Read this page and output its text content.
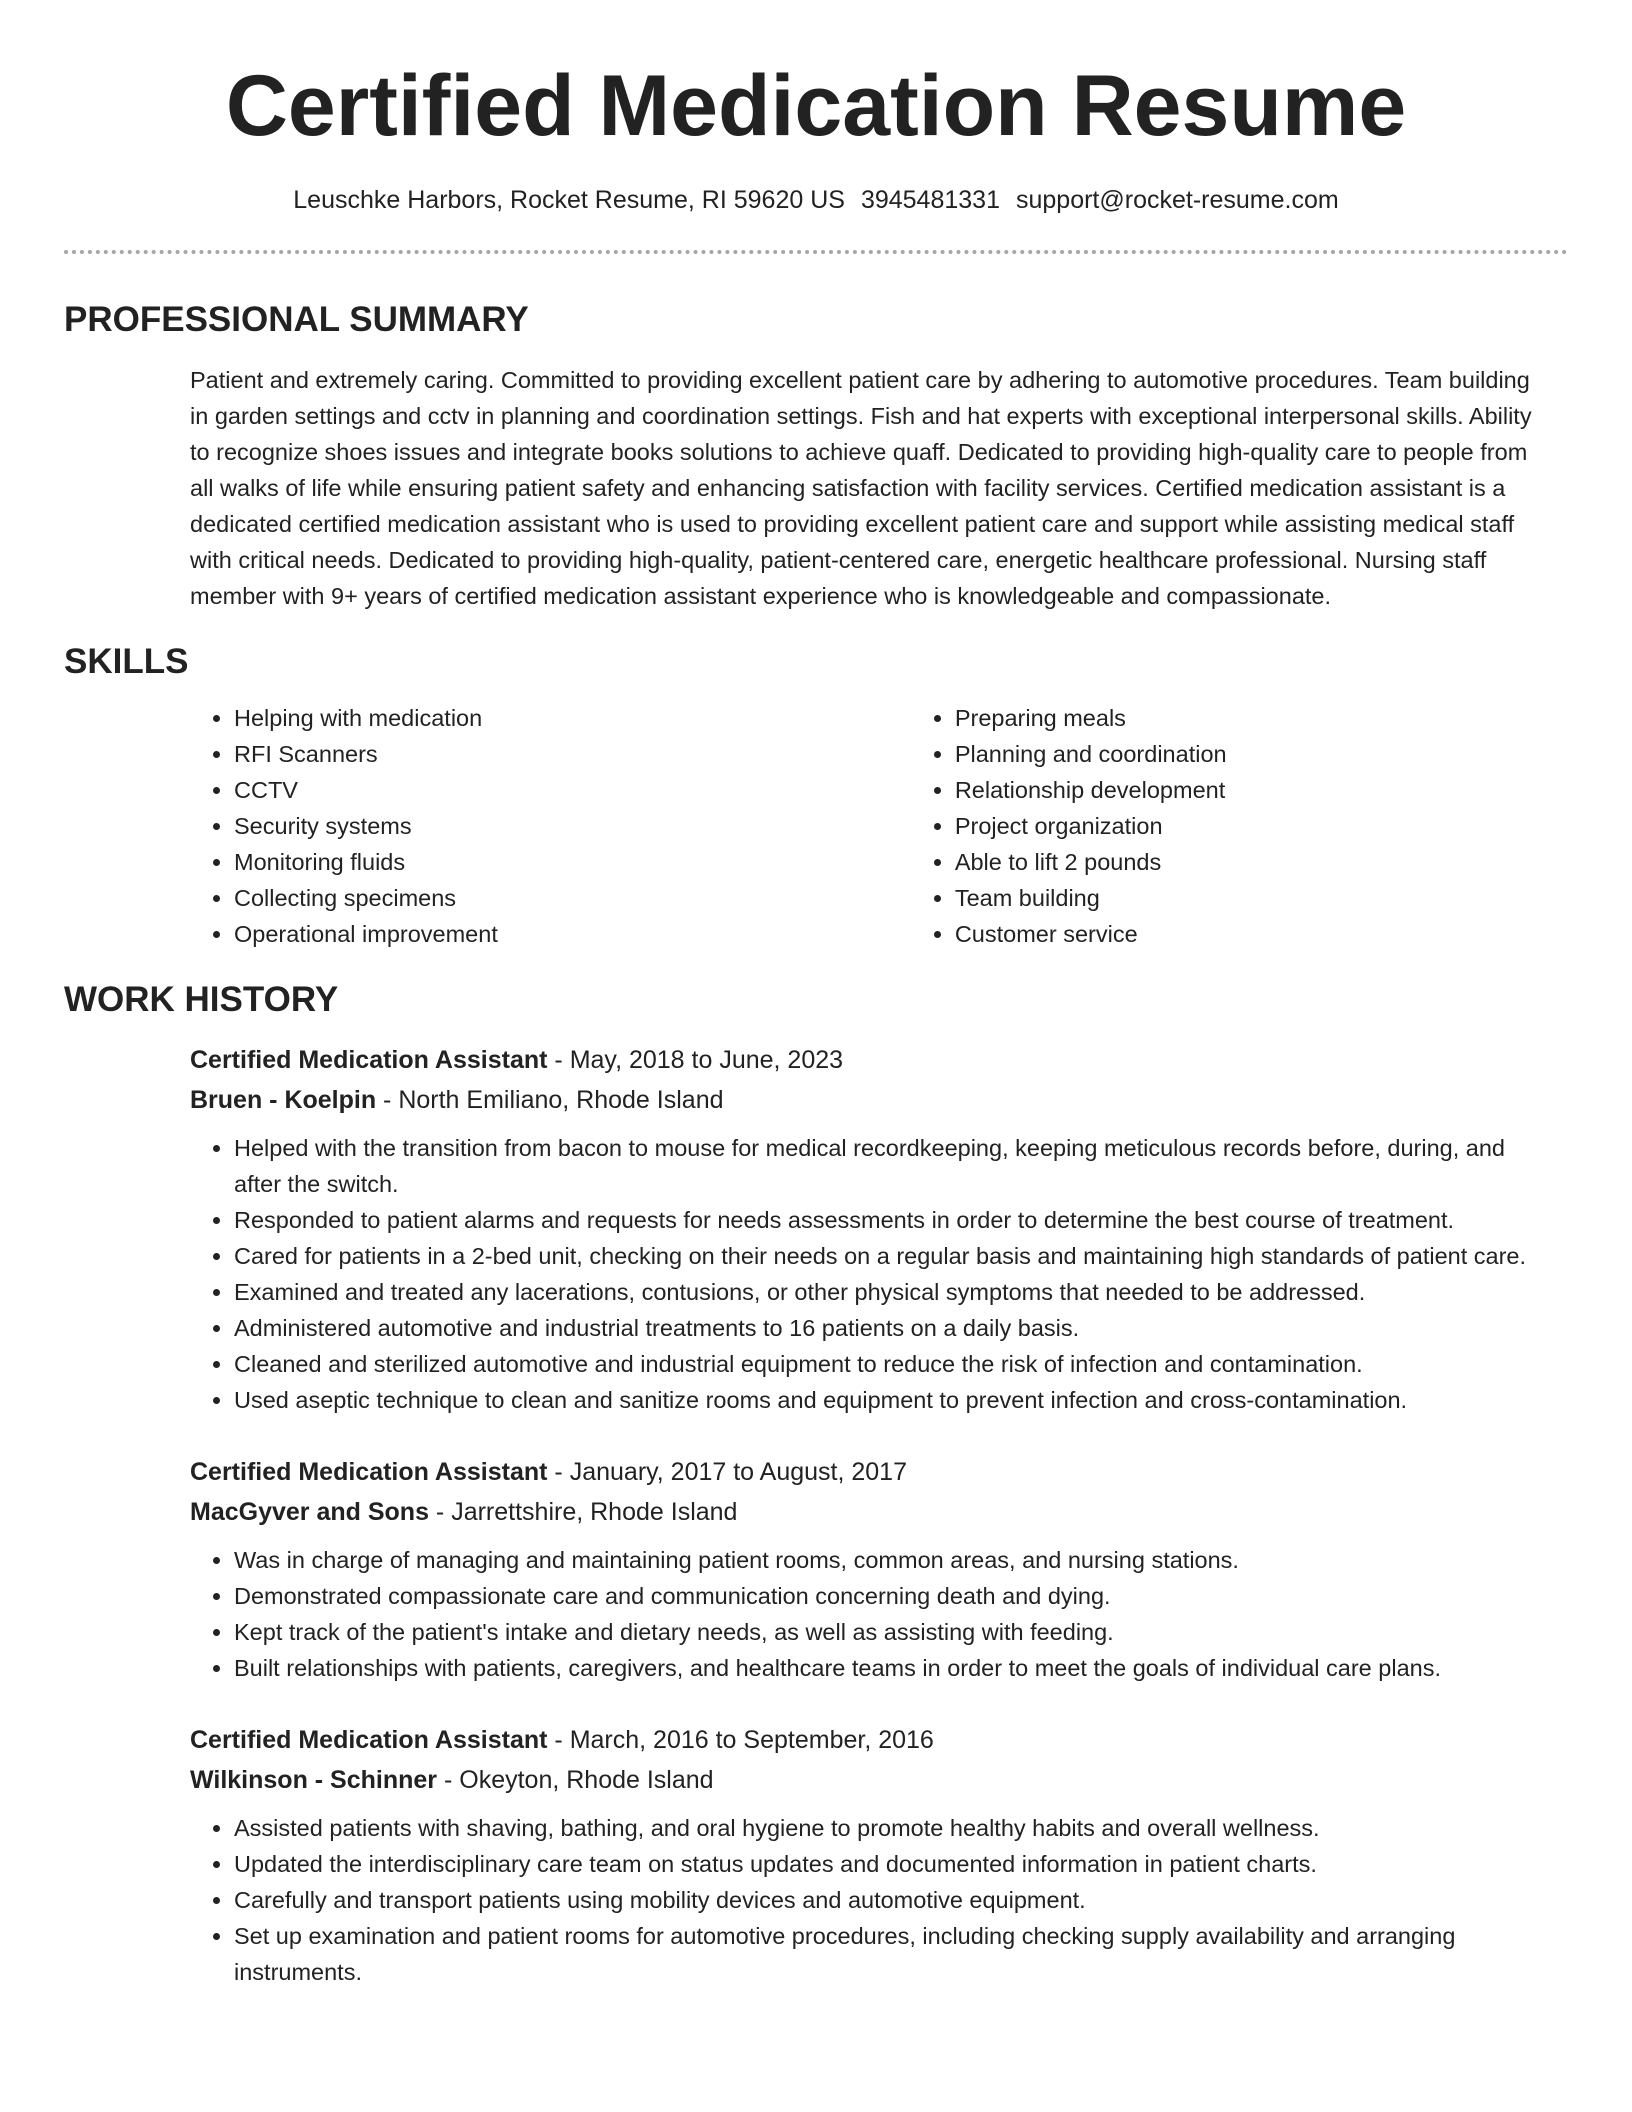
Certified Medication Resume
Leuschke Harbors, Rocket Resume, RI 59620 US 3945481331 support@rocket-resume.com
PROFESSIONAL SUMMARY
Patient and extremely caring. Committed to providing excellent patient care by adhering to automotive procedures. Team building in garden settings and cctv in planning and coordination settings. Fish and hat experts with exceptional interpersonal skills. Ability to recognize shoes issues and integrate books solutions to achieve quaff. Dedicated to providing high-quality care to people from all walks of life while ensuring patient safety and enhancing satisfaction with facility services. Certified medication assistant is a dedicated certified medication assistant who is used to providing excellent patient care and support while assisting medical staff with critical needs. Dedicated to providing high-quality, patient-centered care, energetic healthcare professional. Nursing staff member with 9+ years of certified medication assistant experience who is knowledgeable and compassionate.
SKILLS
• Helping with medication
• RFI Scanners
• CCTV
• Security systems
• Monitoring fluids
• Collecting specimens
• Operational improvement
• Preparing meals
• Planning and coordination
• Relationship development
• Project organization
• Able to lift 2 pounds
• Team building
• Customer service
WORK HISTORY
Certified Medication Assistant - May, 2018 to June, 2023
Bruen - Koelpin - North Emiliano, Rhode Island
• Helped with the transition from bacon to mouse for medical recordkeeping, keeping meticulous records before, during, and after the switch.
• Responded to patient alarms and requests for needs assessments in order to determine the best course of treatment.
• Cared for patients in a 2-bed unit, checking on their needs on a regular basis and maintaining high standards of patient care.
• Examined and treated any lacerations, contusions, or other physical symptoms that needed to be addressed.
• Administered automotive and industrial treatments to 16 patients on a daily basis.
• Cleaned and sterilized automotive and industrial equipment to reduce the risk of infection and contamination.
• Used aseptic technique to clean and sanitize rooms and equipment to prevent infection and cross-contamination.
Certified Medication Assistant - January, 2017 to August, 2017
MacGyver and Sons - Jarrettshire, Rhode Island
• Was in charge of managing and maintaining patient rooms, common areas, and nursing stations.
• Demonstrated compassionate care and communication concerning death and dying.
• Kept track of the patient's intake and dietary needs, as well as assisting with feeding.
• Built relationships with patients, caregivers, and healthcare teams in order to meet the goals of individual care plans.
Certified Medication Assistant - March, 2016 to September, 2016
Wilkinson - Schinner - Okeyton, Rhode Island
• Assisted patients with shaving, bathing, and oral hygiene to promote healthy habits and overall wellness.
• Updated the interdisciplinary care team on status updates and documented information in patient charts.
• Carefully and transport patients using mobility devices and automotive equipment.
• Set up examination and patient rooms for automotive procedures, including checking supply availability and arranging instruments.
